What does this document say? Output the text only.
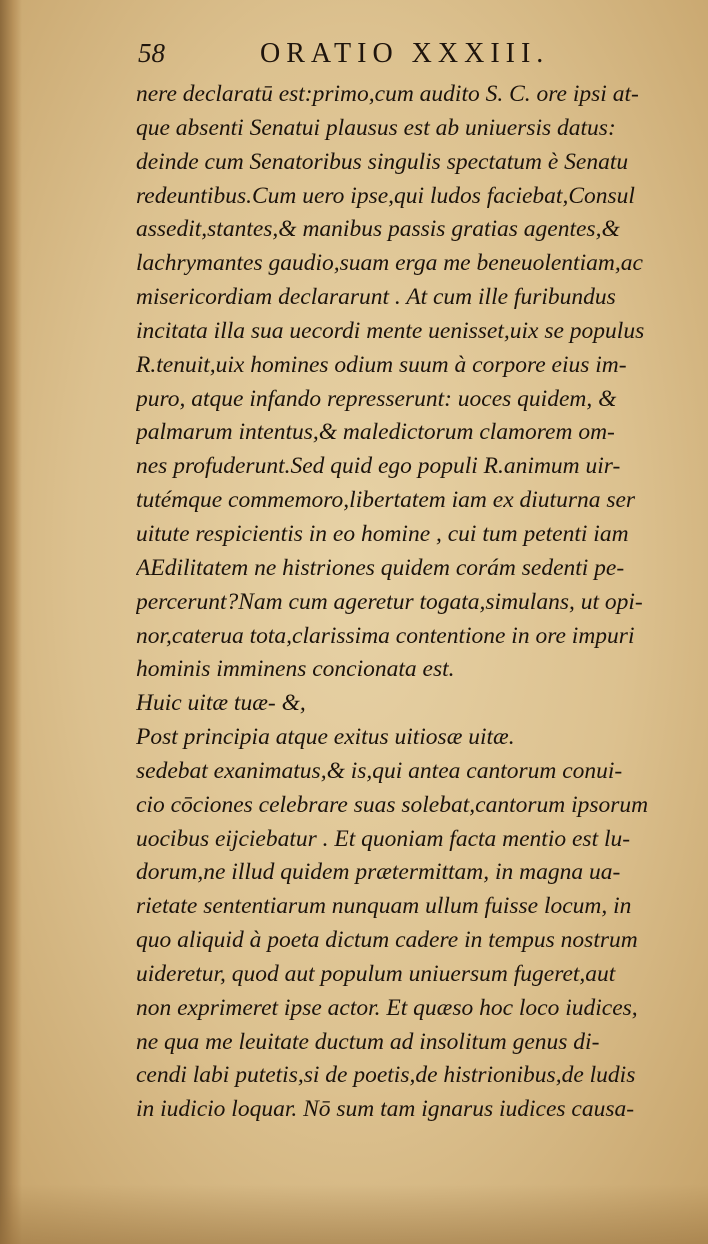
58	ORATIO XXXIII.
nere declaratū est:primo,cum audito S. C. ore ipsi at-
que absenti Senatui plausus est ab uniuersis datus:
deinde cum Senatoribus singulis spectatum è Senatu
redeuntibus.Cum uero ipse,qui ludos faciebat,Consul
assedit,stantes,& manibus passis gratias agentes,&
lachrymantes gaudio,suam erga me beneuolentiam,ac
misericordiam declararunt . At cum ille furibundus
incitata illa sua uecordi mente uenisset,uix se populus
R.tenuit,uix homines odium suum à corpore eius im-
puro, atque infando represserunt: uoces quidem, &
palmarum intentus,& maledictorum clamorem om-
nes profuderunt.Sed quid ego populi R.animum uir-
tutémque commemoro,libertatem iam ex diuturna ser
uitute respicientis in eo homine , cui tum petenti iam
AEdilitatem ne histriones quidem corám sedenti pe-
percerunt?Nam cum ageretur togata,simulans, ut opi-
nor,caterua tota,clarissima contentione in ore impuri
hominis imminens concionata est.
Huic uitæ tuæ- &,
Post principia atque exitus uitiosæ uitæ.
sedebat exanimatus,& is,qui antea cantorum conui-
cio cōciones celebrare suas solebat,cantorum ipsorum
uocibus eijciebatur . Et quoniam facta mentio est lu-
dorum,ne illud quidem prætermittam, in magna ua-
rietate sententiarum nunquam ullum fuisse locum, in
quo aliquid à poeta dictum cadere in tempus nostrum
uideretur, quod aut populum uniuersum fugeret,aut
non exprimeret ipse actor. Et quæso hoc loco iudices,
ne qua me leuitate ductum ad insolitum genus di-
cendi labi putetis,si de poetis,de histrionibus,de ludis
in iudicio loquar. Nō sum tam ignarus iudices causa-
